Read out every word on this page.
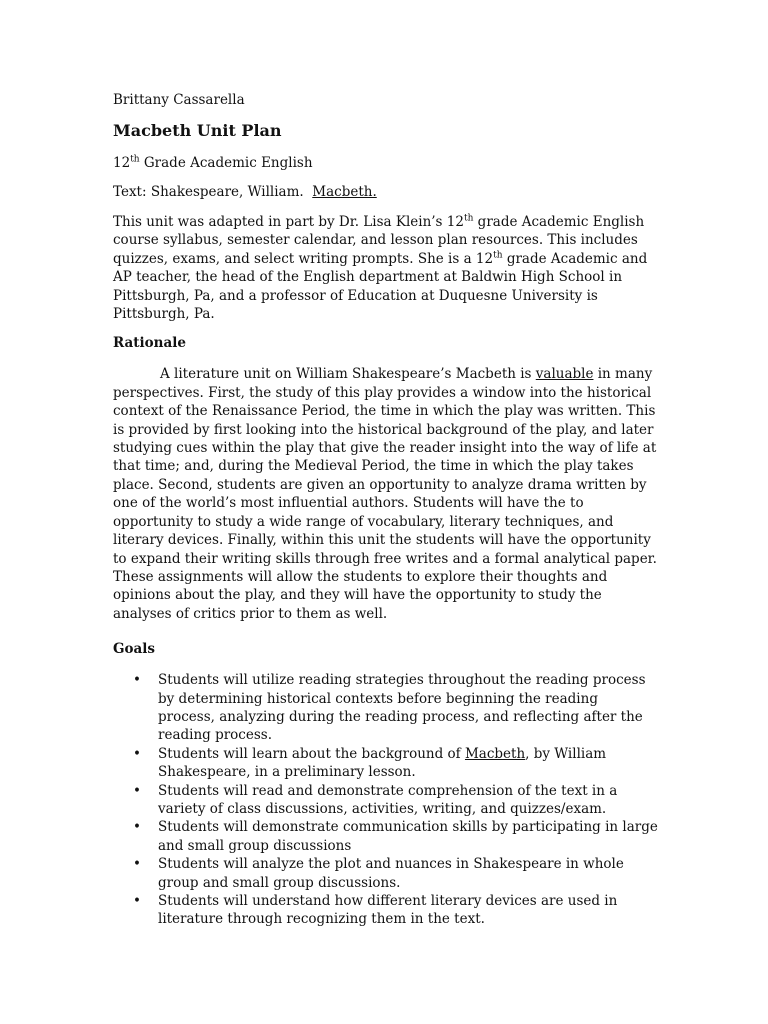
Brittany Cassarella
Macbeth Unit Plan
12th Grade Academic English
Text: Shakespeare, William.  Macbeth.

This unit was adapted in part by Dr. Lisa Klein’s 12th grade Academic English course syllabus, semester calendar, and lesson plan resources. This includes quizzes, exams, and select writing prompts. She is a 12th grade Academic and AP teacher, the head of the English department at Baldwin High School in Pittsburgh, Pa, and a professor of Education at Duquesne University is Pittsburgh, Pa.

Rationale

A literature unit on William Shakespeare’s Macbeth is valuable in many perspectives. First, the study of this play provides a window into the historical context of the Renaissance Period, the time in which the play was written. This is provided by first looking into the historical background of the play, and later studying cues within the play that give the reader insight into the way of life at that time; and, during the Medieval Period, the time in which the play takes place. Second, students are given an opportunity to analyze drama written by one of the world’s most influential authors. Students will have the to opportunity to study a wide range of vocabulary, literary techniques, and literary devices. Finally, within this unit the students will have the opportunity to expand their writing skills through free writes and a formal analytical paper. These assignments will allow the students to explore their thoughts and opinions about the play, and they will have the opportunity to study the analyses of critics prior to them as well.

Goals
• Students will utilize reading strategies throughout the reading process by determining historical contexts before beginning the reading process, analyzing during the reading process, and reflecting after the reading process.
• Students will learn about the background of Macbeth, by William Shakespeare, in a preliminary lesson.
• Students will read and demonstrate comprehension of the text in a variety of class discussions, activities, writing, and quizzes/exam.
• Students will demonstrate communication skills by participating in large and small group discussions
• Students will analyze the plot and nuances in Shakespeare in whole group and small group discussions.
• Students will understand how different literary devices are used in literature through recognizing them in the text.
